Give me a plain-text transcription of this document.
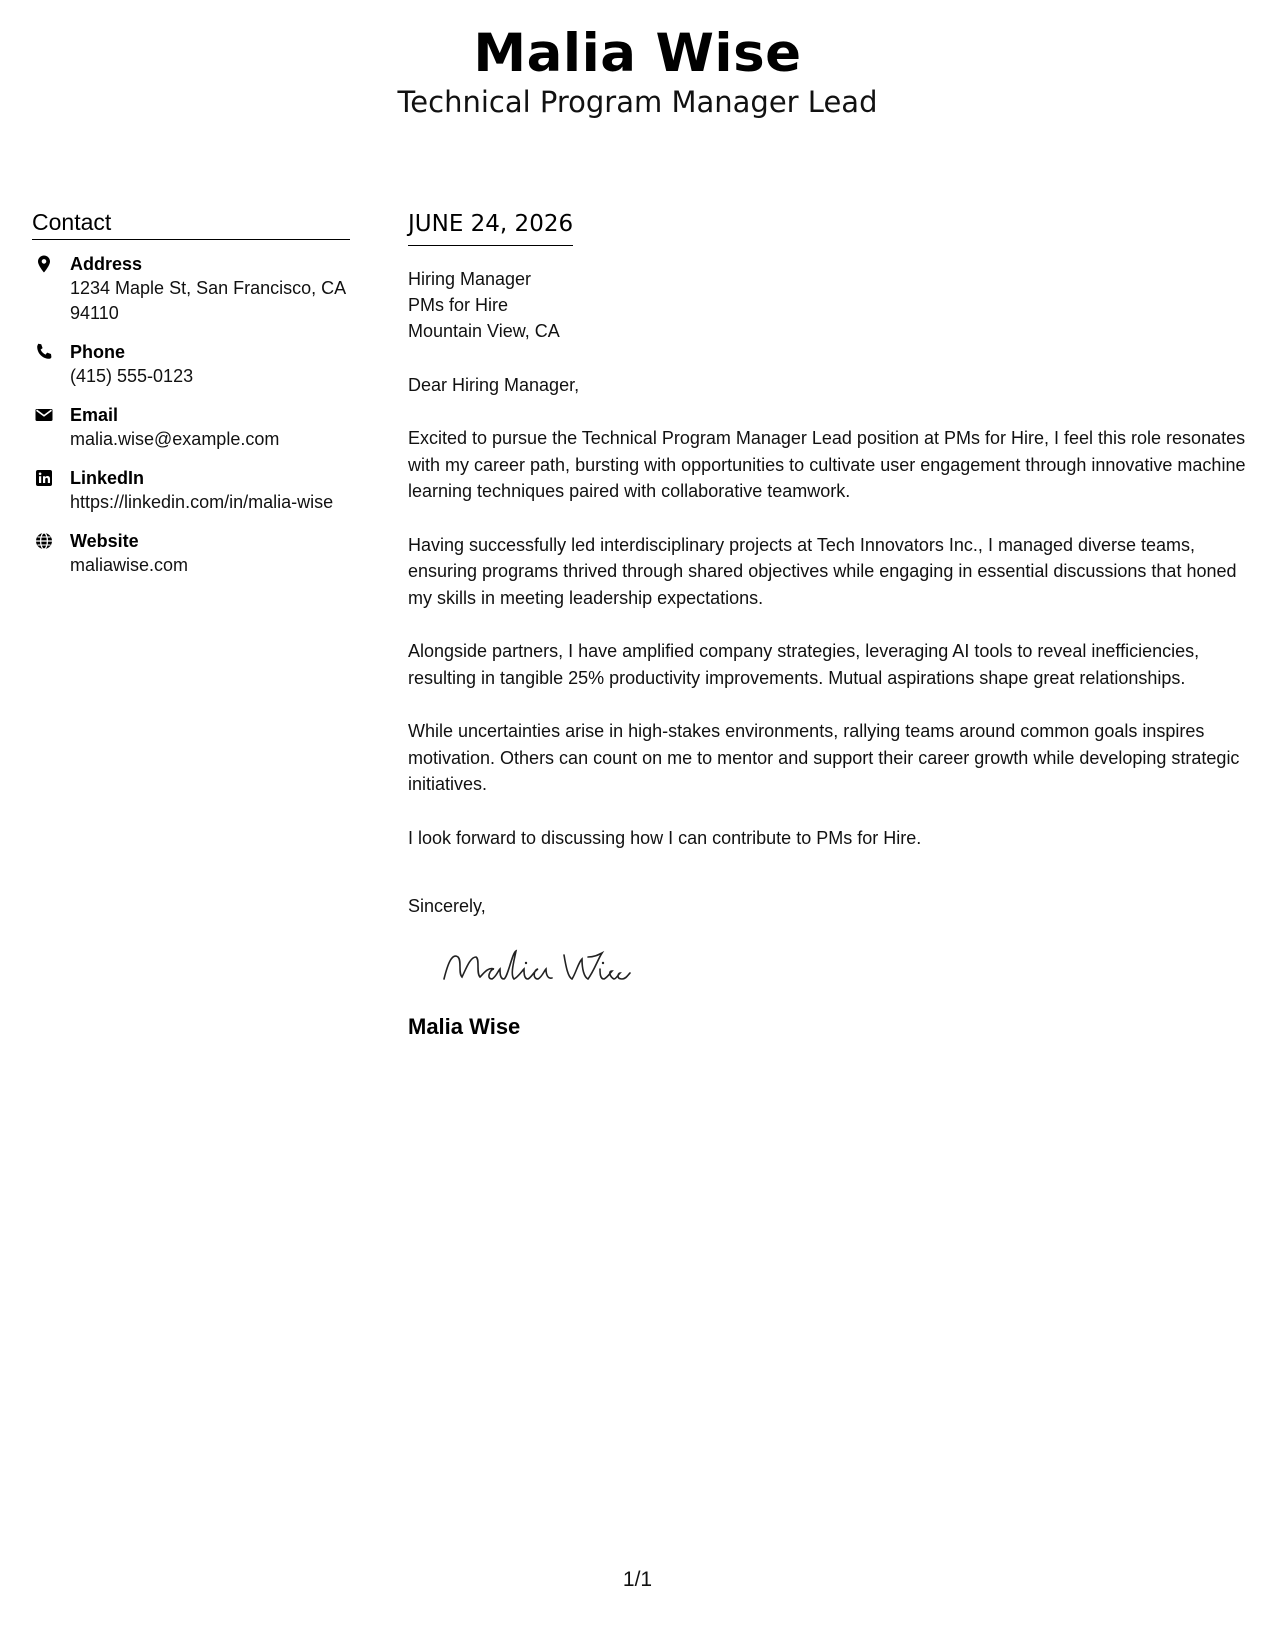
Malia Wise
Technical Program Manager Lead
Contact
Address
1234 Maple St, San Francisco, CA 94110
Phone
(415) 555-0123
Email
malia.wise@example.com
LinkedIn
https://linkedin.com/in/malia-wise
Website
maliawise.com
JUNE 24, 2026
Hiring Manager
PMs for Hire
Mountain View, CA
Dear Hiring Manager,
Excited to pursue the Technical Program Manager Lead position at PMs for Hire, I feel this role resonates with my career path, bursting with opportunities to cultivate user engagement through innovative machine learning techniques paired with collaborative teamwork.
Having successfully led interdisciplinary projects at Tech Innovators Inc., I managed diverse teams, ensuring programs thrived through shared objectives while engaging in essential discussions that honed my skills in meeting leadership expectations.
Alongside partners, I have amplified company strategies, leveraging AI tools to reveal inefficiencies, resulting in tangible 25% productivity improvements. Mutual aspirations shape great relationships.
While uncertainties arise in high-stakes environments, rallying teams around common goals inspires motivation. Others can count on me to mentor and support their career growth while developing strategic initiatives.
I look forward to discussing how I can contribute to PMs for Hire.
Sincerely,
Malia Wise
1/1
